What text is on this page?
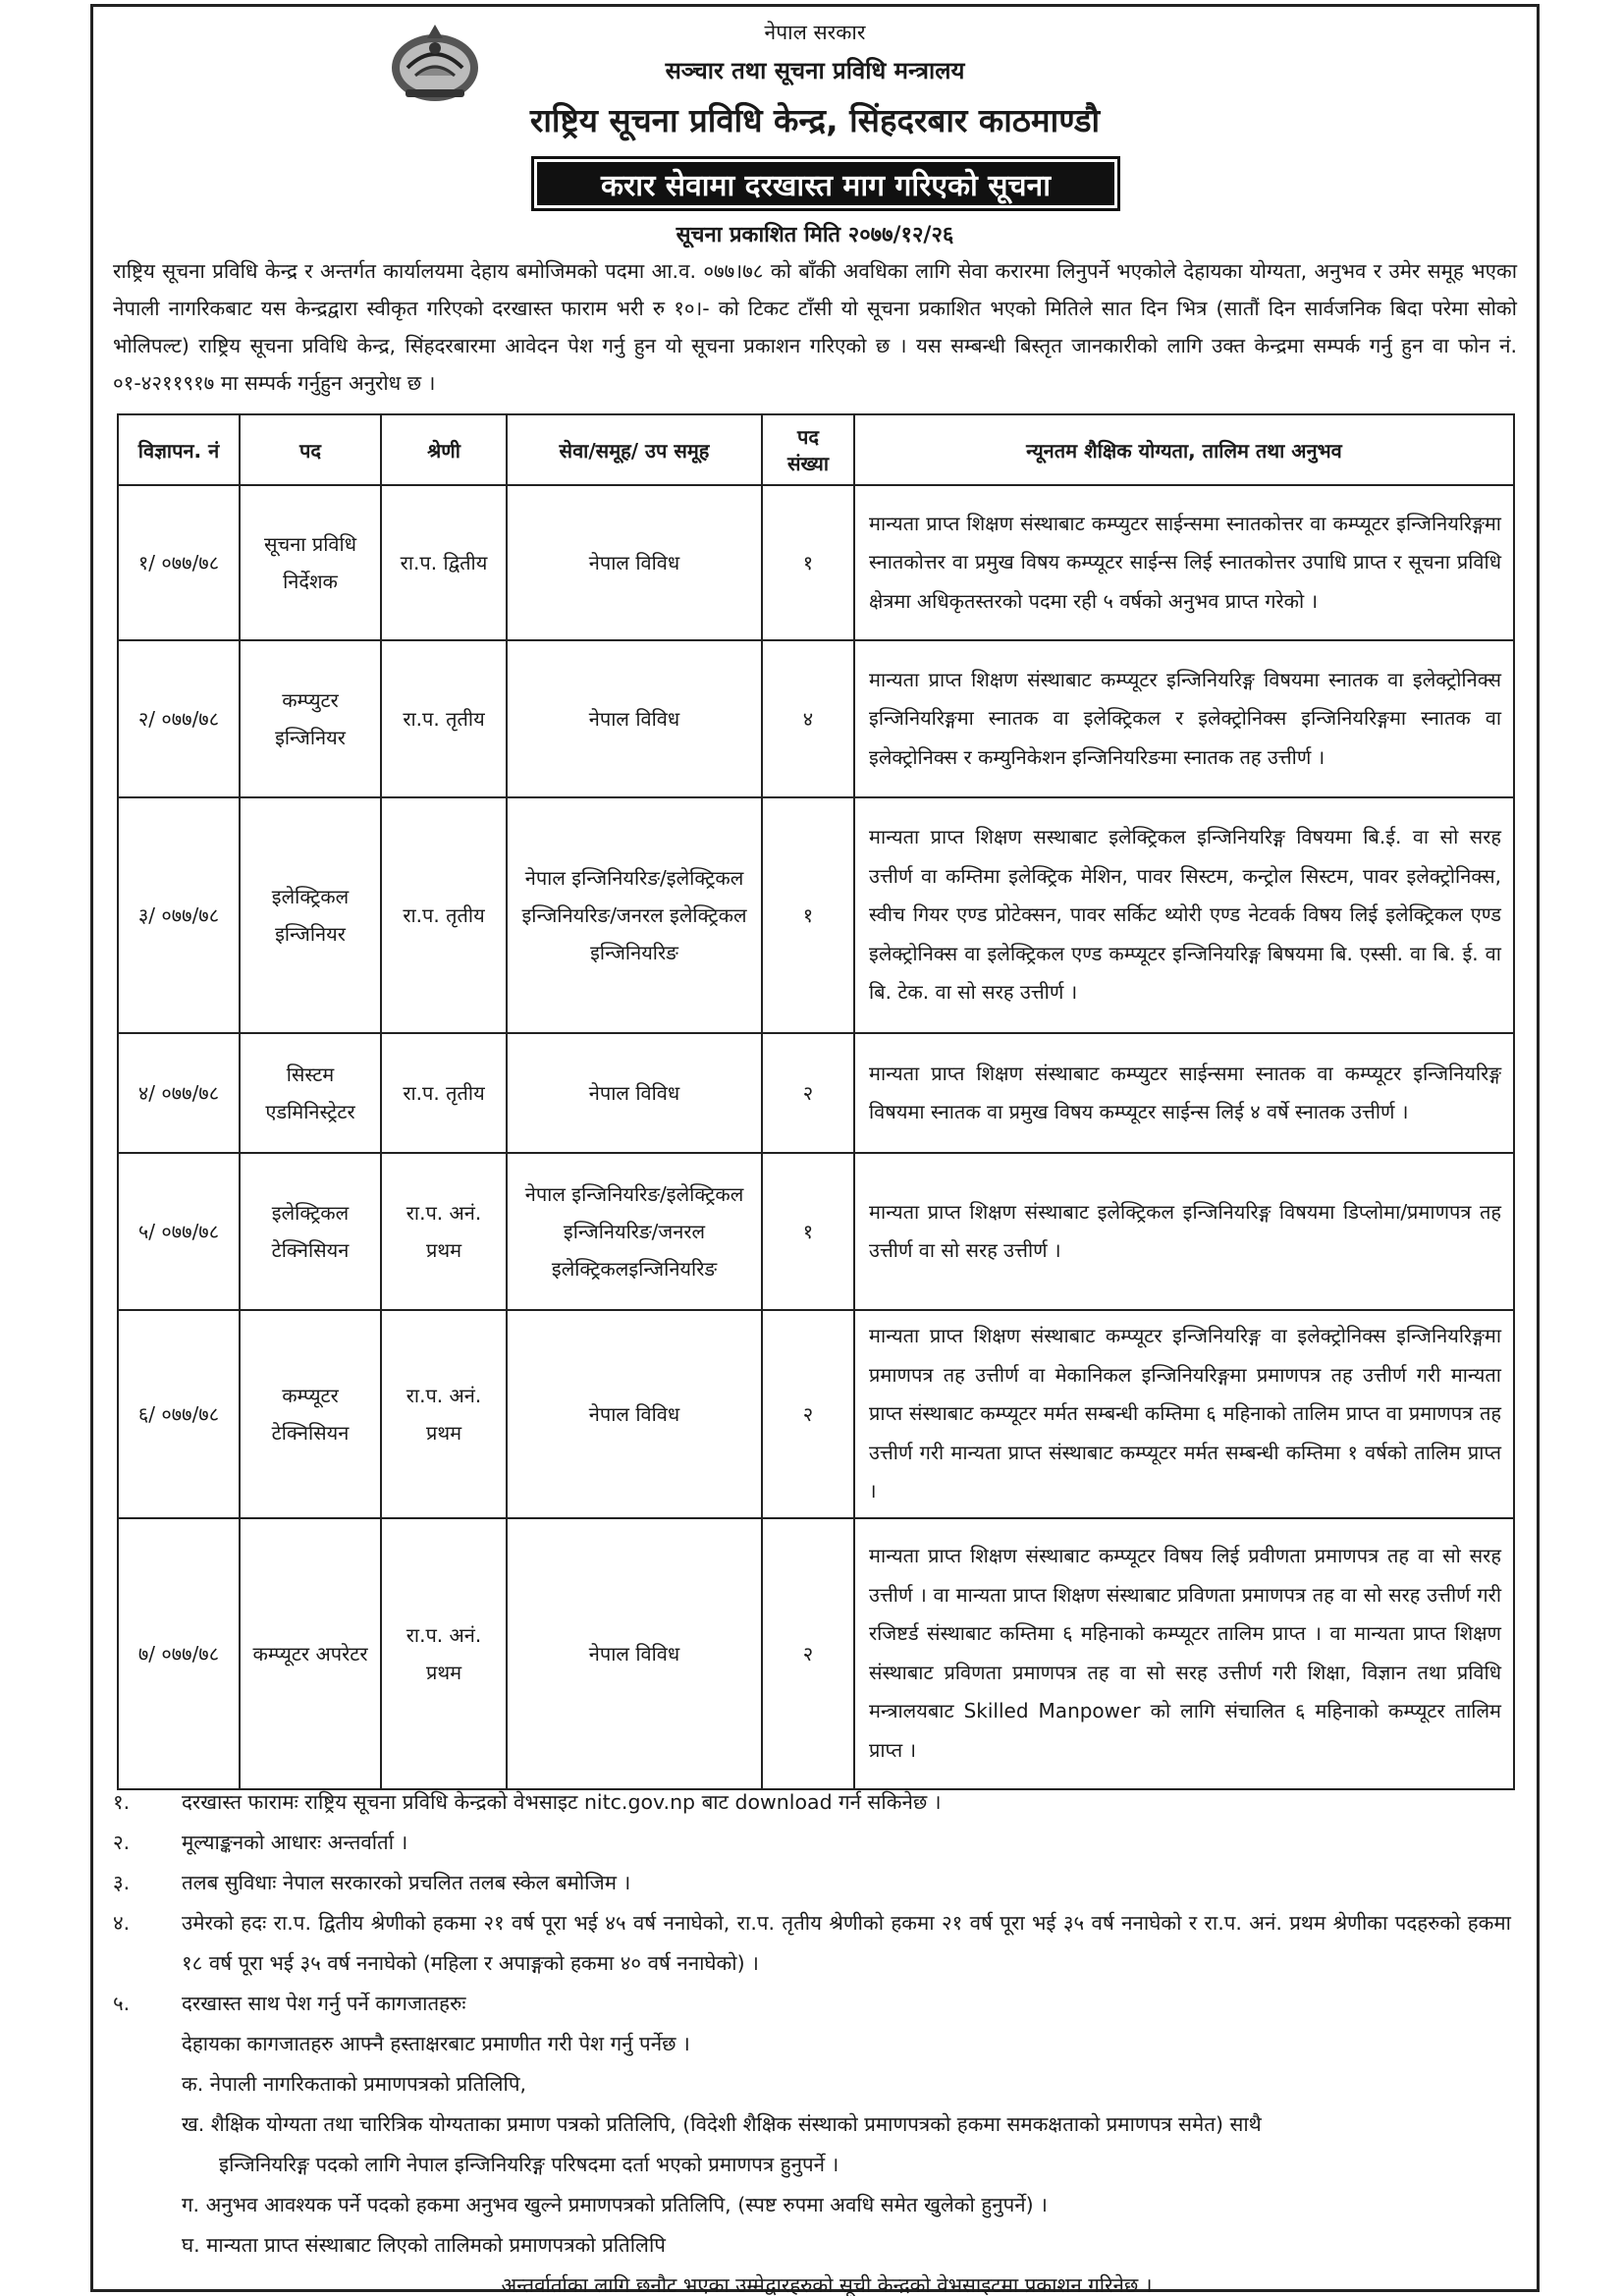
नेपाल सरकार
सञ्चार तथा सूचना प्रविधि मन्त्रालय
राष्ट्रिय सूचना प्रविधि केन्द्र, सिंहदरबार काठमाण्डौ
करार सेवामा दरखास्त माग गरिएको सूचना
सूचना प्रकाशित मिति २०७७/१२/२६
राष्ट्रिय सूचना प्रविधि केन्द्र र अन्तर्गत कार्यालयमा देहाय बमोजिमको पदमा आ.व. ०७७।७८ को बाँकी अवधिका लागि सेवा करारमा लिनुपर्ने भएकोले देहायका योग्यता, अनुभव र उमेर समूह भएका नेपाली नागरिकबाट यस केन्द्रद्वारा स्वीकृत गरिएको दरखास्त फाराम भरी रु १०।- को टिकट टाँसी यो सूचना प्रकाशित भएको मितिले सात दिन भित्र (सातौं दिन सार्वजनिक बिदा परेमा सोको भोलिपल्ट) राष्ट्रिय सूचना प्रविधि केन्द्र, सिंहदरबारमा आवेदन पेश गर्नु हुन यो सूचना प्रकाशन गरिएको छ । यस सम्बन्धी बिस्तृत जानकारीको लागि उक्त केन्द्रमा सम्पर्क गर्नु हुन वा फोन नं. ०१-४२११९१७ मा सम्पर्क गर्नुहुन अनुरोध छ ।
विज्ञापन. नं	पद	श्रेणी	सेवा/समूह/ उप समूह	पद संख्या	न्यूनतम शैक्षिक योग्यता, तालिम तथा अनुभव
१/ ०७७/७८	सूचना प्रविधि निर्देशक	रा.प. द्वितीय	नेपाल विविध	१	मान्यता प्राप्त शिक्षण संस्थाबाट कम्प्युटर साईन्समा स्नातकोत्तर वा कम्प्यूटर इन्जिनियरिङ्गमा स्नातकोत्तर वा प्रमुख विषय कम्प्यूटर साईन्स लिई स्नातकोत्तर उपाधि प्राप्त र सूचना प्रविधि क्षेत्रमा अधिकृतस्तरको पदमा रही ५ वर्षको अनुभव प्राप्त गरेको ।
२/ ०७७/७८	कम्प्युटर इन्जिनियर	रा.प. तृतीय	नेपाल विविध	४	मान्यता प्राप्त शिक्षण संस्थाबाट कम्प्यूटर इन्जिनियरिङ्ग विषयमा स्नातक वा इलेक्ट्रोनिक्स इन्जिनियरिङ्गमा स्नातक वा इलेक्ट्रिकल र इलेक्ट्रोनिक्स इन्जिनियरिङ्गमा स्नातक वा इलेक्ट्रोनिक्स र कम्युनिकेशन इन्जिनियरिङमा स्नातक तह उत्तीर्ण ।
३/ ०७७/७८	इलेक्ट्रिकल इन्जिनियर	रा.प. तृतीय	नेपाल इन्जिनियरिङ/इलेक्ट्रिकल इन्जिनियरिङ/जनरल इलेक्ट्रिकल इन्जिनियरिङ	१	मान्यता प्राप्त शिक्षण सस्थाबाट इलेक्ट्रिकल इन्जिनियरिङ्ग विषयमा बि.ई. वा सो सरह उत्तीर्ण वा कम्तिमा इलेक्ट्रिक मेशिन, पावर सिस्टम, कन्ट्रोल सिस्टम, पावर इलेक्ट्रोनिक्स, स्वीच गियर एण्ड प्रोटेक्सन, पावर सर्किट थ्योरी एण्ड नेटवर्क विषय लिई इलेक्ट्रिकल एण्ड इलेक्ट्रोनिक्स वा इलेक्ट्रिकल एण्ड कम्प्यूटर इन्जिनियरिङ्ग बिषयमा बि. एस्सी. वा बि. ई. वा बि. टेक. वा सो सरह उत्तीर्ण ।
४/ ०७७/७८	सिस्टम एडमिनिस्ट्रेटर	रा.प. तृतीय	नेपाल विविध	२	मान्यता प्राप्त शिक्षण संस्थाबाट कम्प्युटर साईन्समा स्नातक वा कम्प्यूटर इन्जिनियरिङ्ग विषयमा स्नातक वा प्रमुख विषय कम्प्यूटर साईन्स लिई ४ वर्षे स्नातक उत्तीर्ण ।
५/ ०७७/७८	इलेक्ट्रिकल टेक्निसियन	रा.प. अनं. प्रथम	नेपाल इन्जिनियरिङ/इलेक्ट्रिकल इन्जिनियरिङ/जनरल इलेक्ट्रिकलइन्जिनियरिङ	१	मान्यता प्राप्त शिक्षण संस्थाबाट इलेक्ट्रिकल इन्जिनियरिङ्ग विषयमा डिप्लोमा/प्रमाणपत्र तह उत्तीर्ण वा सो सरह उत्तीर्ण ।
६/ ०७७/७८	कम्प्यूटर टेक्निसियन	रा.प. अनं. प्रथम	नेपाल विविध	२	मान्यता प्राप्त शिक्षण संस्थाबाट कम्प्यूटर इन्जिनियरिङ्ग वा इलेक्ट्रोनिक्स इन्जिनियरिङ्गमा प्रमाणपत्र तह उत्तीर्ण वा मेकानिकल इन्जिनियरिङ्गमा प्रमाणपत्र तह उत्तीर्ण गरी मान्यता प्राप्त संस्थाबाट कम्प्यूटर मर्मत सम्बन्धी कम्तिमा ६ महिनाको तालिम प्राप्त वा प्रमाणपत्र तह उत्तीर्ण गरी मान्यता प्राप्त संस्थाबाट कम्प्यूटर मर्मत सम्बन्धी कम्तिमा १ वर्षको तालिम प्राप्त ।
७/ ०७७/७८	कम्प्यूटर अपरेटर	रा.प. अनं. प्रथम	नेपाल विविध	२	मान्यता प्राप्त शिक्षण संस्थाबाट कम्प्यूटर विषय लिई प्रवीणता प्रमाणपत्र तह वा सो सरह उत्तीर्ण । वा मान्यता प्राप्त शिक्षण संस्थाबाट प्रविणता प्रमाणपत्र तह वा सो सरह उत्तीर्ण गरी रजिष्टर्ड संस्थाबाट कम्तिमा ६ महिनाको कम्प्यूटर तालिम प्राप्त । वा मान्यता प्राप्त शिक्षण संस्थाबाट प्रविणता प्रमाणपत्र तह वा सो सरह उत्तीर्ण गरी शिक्षा, विज्ञान तथा प्रविधि मन्त्रालयबाट Skilled Manpower को लागि संचालित ६ महिनाको कम्प्यूटर तालिम प्राप्त ।
१.	दरखास्त फारामः राष्ट्रिय सूचना प्रविधि केन्द्रको वेभसाइट nitc.gov.np बाट download गर्न सकिनेछ ।
२.	मूल्याङ्कनको आधारः अन्तर्वार्ता ।
३.	तलब सुविधाः नेपाल सरकारको प्रचलित तलब स्केल बमोजिम ।
४.	उमेरको हदः रा.प. द्वितीय श्रेणीको हकमा २१ वर्ष पूरा भई ४५ वर्ष ननाघेको, रा.प. तृतीय श्रेणीको हकमा २१ वर्ष पूरा भई ३५ वर्ष ननाघेको र रा.प. अनं. प्रथम श्रेणीका पदहरुको हकमा १८ वर्ष पूरा भई ३५ वर्ष ननाघेको (महिला र अपाङ्गको हकमा ४० वर्ष ननाघेको) ।
५.	दरखास्त साथ पेश गर्नु पर्ने कागजातहरुः
देहायका कागजातहरु आफ्नै हस्ताक्षरबाट प्रमाणीत गरी पेश गर्नु पर्नेछ ।
क. नेपाली नागरिकताको प्रमाणपत्रको प्रतिलिपि,
ख. शैक्षिक योग्यता तथा चारित्रिक योग्यताका प्रमाण पत्रको प्रतिलिपि, (विदेशी शैक्षिक संस्थाको प्रमाणपत्रको हकमा समकक्षताको प्रमाणपत्र समेत) साथै
इन्जिनियरिङ्ग पदको लागि नेपाल इन्जिनियरिङ्ग परिषदमा दर्ता भएको प्रमाणपत्र हुनुपर्ने ।
ग. अनुभव आवश्यक पर्ने पदको हकमा अनुभव खुल्ने प्रमाणपत्रको प्रतिलिपि, (स्पष्ट रुपमा अवधि समेत खुलेको हुनुपर्ने) ।
घ. मान्यता प्राप्त संस्थाबाट लिएको तालिमको प्रमाणपत्रको प्रतिलिपि
अन्तर्वार्ताका लागि छनौट भएका उम्मेद्वारहरुको सूची केन्द्रको वेभसाइटमा प्रकाशन गरिनेछ ।
